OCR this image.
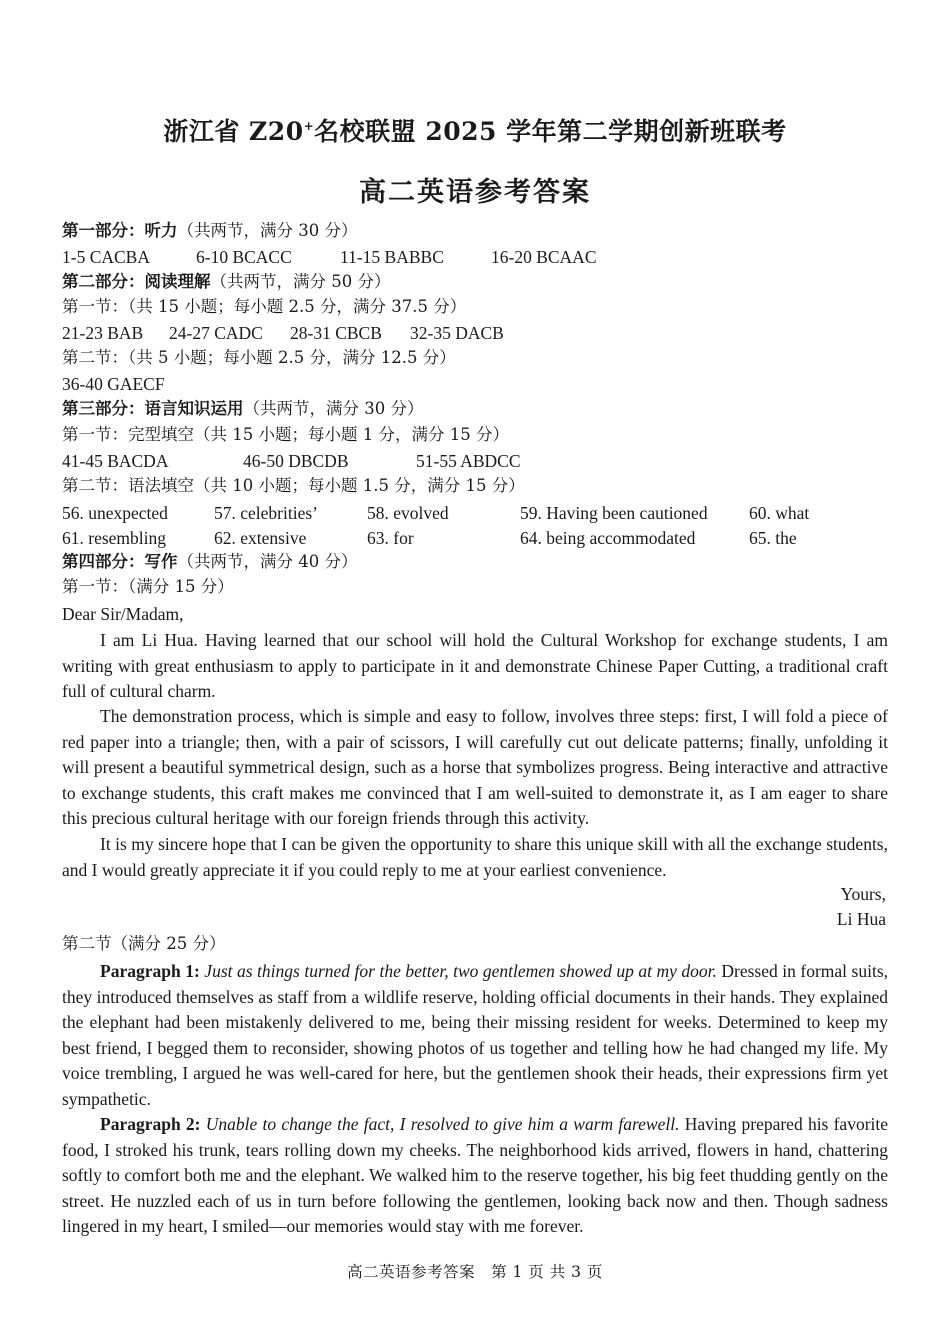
浙江省 Z20+名校联盟 2025 学年第二学期创新班联考
高二英语参考答案
第一部分：听力（共两节，满分 30 分）
1-5 CACBA	6-10 BCACC	11-15 BABBC	16-20 BCAAC
第二部分：阅读理解（共两节，满分 50 分）
第一节：（共 15 小题；每小题 2.5 分，满分 37.5 分）
21-23 BAB 24-27 CADC 28-31 CBCB 32-35 DACB
第二节：（共 5 小题；每小题 2.5 分，满分 12.5 分）
36-40 GAECF
第三部分：语言知识运用（共两节，满分 30 分）
第一节：完型填空（共 15 小题；每小题 1 分，满分 15 分）
41-45 BACDA	46-50 DBCDB	51-55 ABDCC
第二节：语法填空（共 10 小题；每小题 1.5 分，满分 15 分）
56. unexpected	57. celebrities’	58. evolved	59. Having been cautioned 60. what
61. resembling	62. extensive	63. for	64. being accommodated	65. the
第四部分：写作（共两节，满分 40 分）
第一节：（满分 15 分）
Dear Sir/Madam,
I am Li Hua. Having learned that our school will hold the Cultural Workshop for exchange students, I am writing with great enthusiasm to apply to participate in it and demonstrate Chinese Paper Cutting, a traditional craft full of cultural charm.
The demonstration process, which is simple and easy to follow, involves three steps: first, I will fold a piece of red paper into a triangle; then, with a pair of scissors, I will carefully cut out delicate patterns; finally, unfolding it will present a beautiful symmetrical design, such as a horse that symbolizes progress. Being interactive and attractive to exchange students, this craft makes me convinced that I am well-suited to demonstrate it, as I am eager to share this precious cultural heritage with our foreign friends through this activity.
It is my sincere hope that I can be given the opportunity to share this unique skill with all the exchange students, and I would greatly appreciate it if you could reply to me at your earliest convenience.
Yours,
Li Hua
第二节（满分 25 分）
Paragraph 1: Just as things turned for the better, two gentlemen showed up at my door. Dressed in formal suits, they introduced themselves as staff from a wildlife reserve, holding official documents in their hands. They explained the elephant had been mistakenly delivered to me, being their missing resident for weeks. Determined to keep my best friend, I begged them to reconsider, showing photos of us together and telling how he had changed my life. My voice trembling, I argued he was well-cared for here, but the gentlemen shook their heads, their expressions firm yet sympathetic.
Paragraph 2: Unable to change the fact, I resolved to give him a warm farewell. Having prepared his favorite food, I stroked his trunk, tears rolling down my cheeks. The neighborhood kids arrived, flowers in hand, chattering softly to comfort both me and the elephant. We walked him to the reserve together, his big feet thudding gently on the street. He nuzzled each of us in turn before following the gentlemen, looking back now and then. Though sadness lingered in my heart, I smiled—our memories would stay with me forever.
高二英语参考答案　第 1 页 共 3 页
